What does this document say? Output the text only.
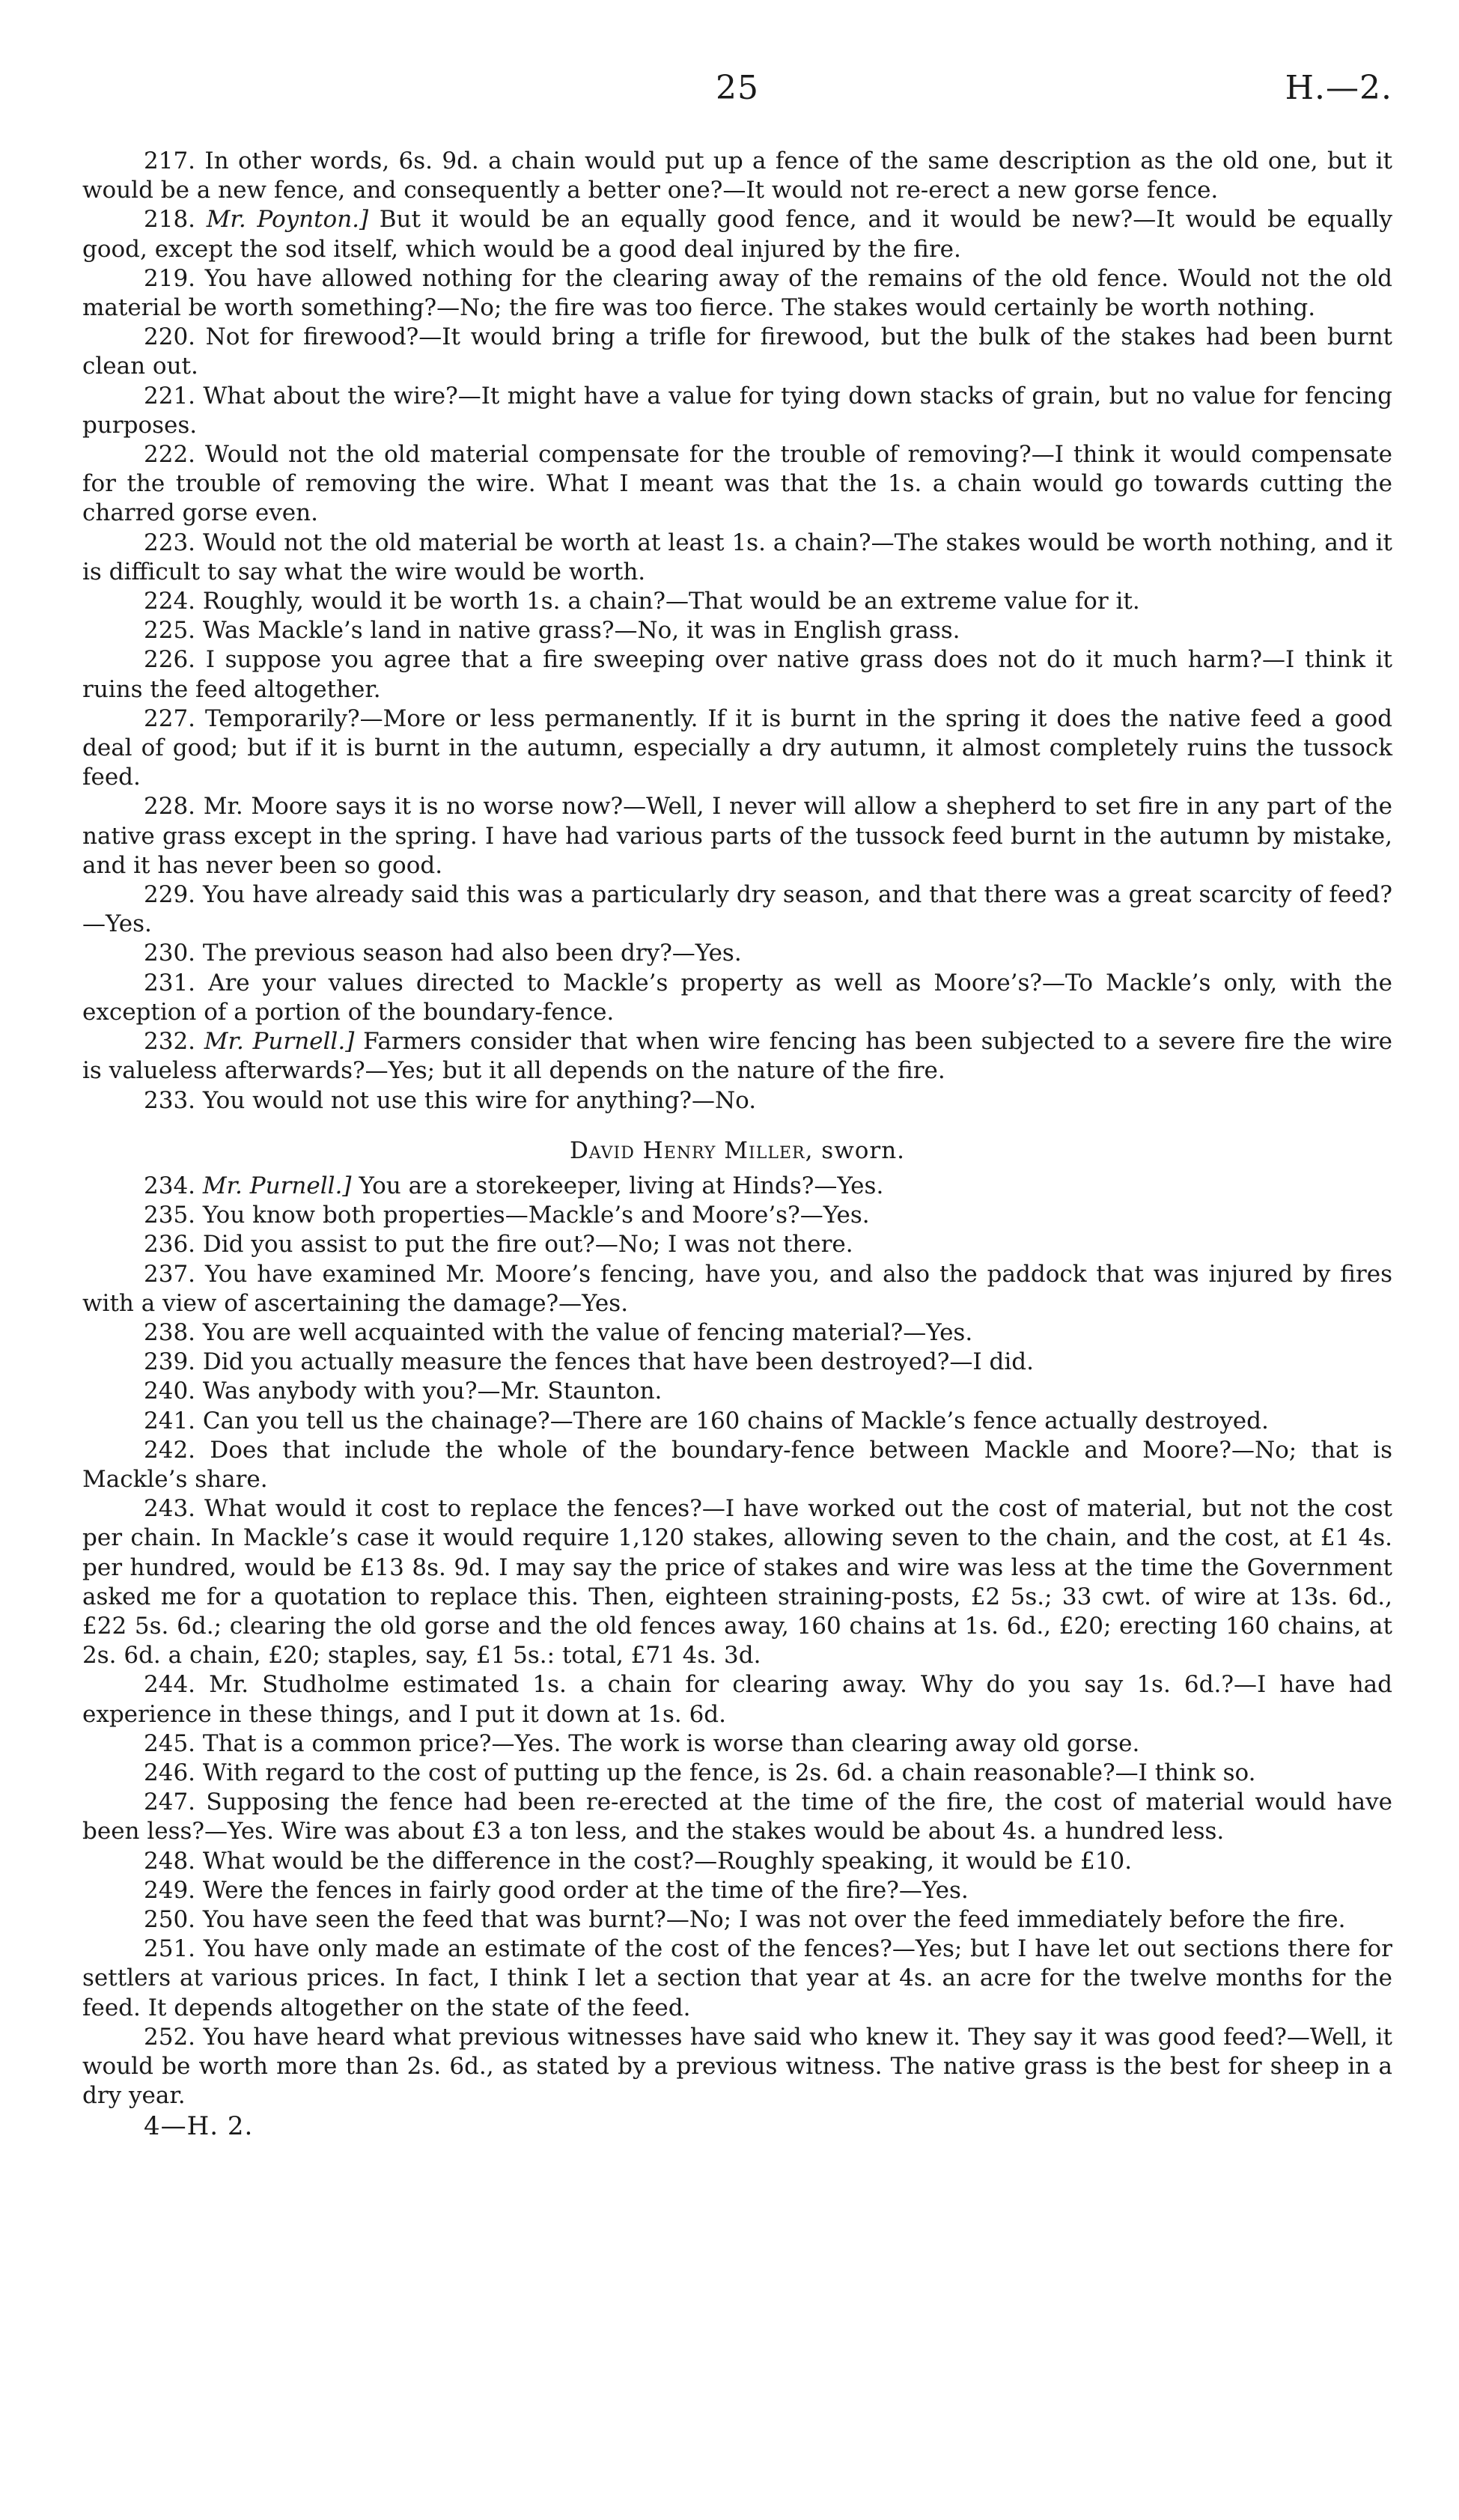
25	H.—2.

217. In other words, 6s. 9d. a chain would put up a fence of the same description as the old one, but it would be a new fence, and consequently a better one?—It would not re-erect a new gorse fence.

218. Mr. Poynton.] But it would be an equally good fence, and it would be new?—It would be equally good, except the sod itself, which would be a good deal injured by the fire.

219. You have allowed nothing for the clearing away of the remains of the old fence. Would not the old material be worth something?—No; the fire was too fierce. The stakes would certainly be worth nothing.

220. Not for firewood?—It would bring a trifle for firewood, but the bulk of the stakes had been burnt clean out.

221. What about the wire?—It might have a value for tying down stacks of grain, but no value for fencing purposes.

222. Would not the old material compensate for the trouble of removing?—I think it would compensate for the trouble of removing the wire. What I meant was that the 1s. a chain would go towards cutting the charred gorse even.

223. Would not the old material be worth at least 1s. a chain?—The stakes would be worth nothing, and it is difficult to say what the wire would be worth.

224. Roughly, would it be worth 1s. a chain?—That would be an extreme value for it.

225. Was Mackle’s land in native grass?—No, it was in English grass.

226. I suppose you agree that a fire sweeping over native grass does not do it much harm?—I think it ruins the feed altogether.

227. Temporarily?—More or less permanently. If it is burnt in the spring it does the native feed a good deal of good; but if it is burnt in the autumn, especially a dry autumn, it almost completely ruins the tussock feed.

228. Mr. Moore says it is no worse now?—Well, I never will allow a shepherd to set fire in any part of the native grass except in the spring. I have had various parts of the tussock feed burnt in the autumn by mistake, and it has never been so good.

229. You have already said this was a particularly dry season, and that there was a great scarcity of feed?—Yes.

230. The previous season had also been dry?—Yes.

231. Are your values directed to Mackle’s property as well as Moore’s?—To Mackle’s only, with the exception of a portion of the boundary-fence.

232. Mr. Purnell.] Farmers consider that when wire fencing has been subjected to a severe fire the wire is valueless afterwards?—Yes; but it all depends on the nature of the fire.

233. You would not use this wire for anything?—No.

David Henry Miller, sworn.

234. Mr. Purnell.] You are a storekeeper, living at Hinds?—Yes.

235. You know both properties—Mackle’s and Moore’s?—Yes.

236. Did you assist to put the fire out?—No; I was not there.

237. You have examined Mr. Moore’s fencing, have you, and also the paddock that was injured by fires with a view of ascertaining the damage?—Yes.

238. You are well acquainted with the value of fencing material?—Yes.

239. Did you actually measure the fences that have been destroyed?—I did.

240. Was anybody with you?—Mr. Staunton.

241. Can you tell us the chainage?—There are 160 chains of Mackle’s fence actually destroyed.

242. Does that include the whole of the boundary-fence between Mackle and Moore?—No; that is Mackle’s share.

243. What would it cost to replace the fences?—I have worked out the cost of material, but not the cost per chain. In Mackle’s case it would require 1,120 stakes, allowing seven to the chain, and the cost, at £1 4s. per hundred, would be £13 8s. 9d. I may say the price of stakes and wire was less at the time the Government asked me for a quotation to replace this. Then, eighteen straining-posts, £2 5s.; 33 cwt. of wire at 13s. 6d., £22 5s. 6d.; clearing the old gorse and the old fences away, 160 chains at 1s. 6d., £20; erecting 160 chains, at 2s. 6d. a chain, £20; staples, say, £1 5s.: total, £71 4s. 3d.

244. Mr. Studholme estimated 1s. a chain for clearing away. Why do you say 1s. 6d.?—I have had experience in these things, and I put it down at 1s. 6d.

245. That is a common price?—Yes. The work is worse than clearing away old gorse.

246. With regard to the cost of putting up the fence, is 2s. 6d. a chain reasonable?—I think so.

247. Supposing the fence had been re-erected at the time of the fire, the cost of material would have been less?—Yes. Wire was about £3 a ton less, and the stakes would be about 4s. a hundred less.

248. What would be the difference in the cost?—Roughly speaking, it would be £10.

249. Were the fences in fairly good order at the time of the fire?—Yes.

250. You have seen the feed that was burnt?—No; I was not over the feed immediately before the fire.

251. You have only made an estimate of the cost of the fences?—Yes; but I have let out sections there for settlers at various prices. In fact, I think I let a section that year at 4s. an acre for the twelve months for the feed. It depends altogether on the state of the feed.

252. You have heard what previous witnesses have said who knew it. They say it was good feed?—Well, it would be worth more than 2s. 6d., as stated by a previous witness. The native grass is the best for sheep in a dry year.

4—H. 2.
